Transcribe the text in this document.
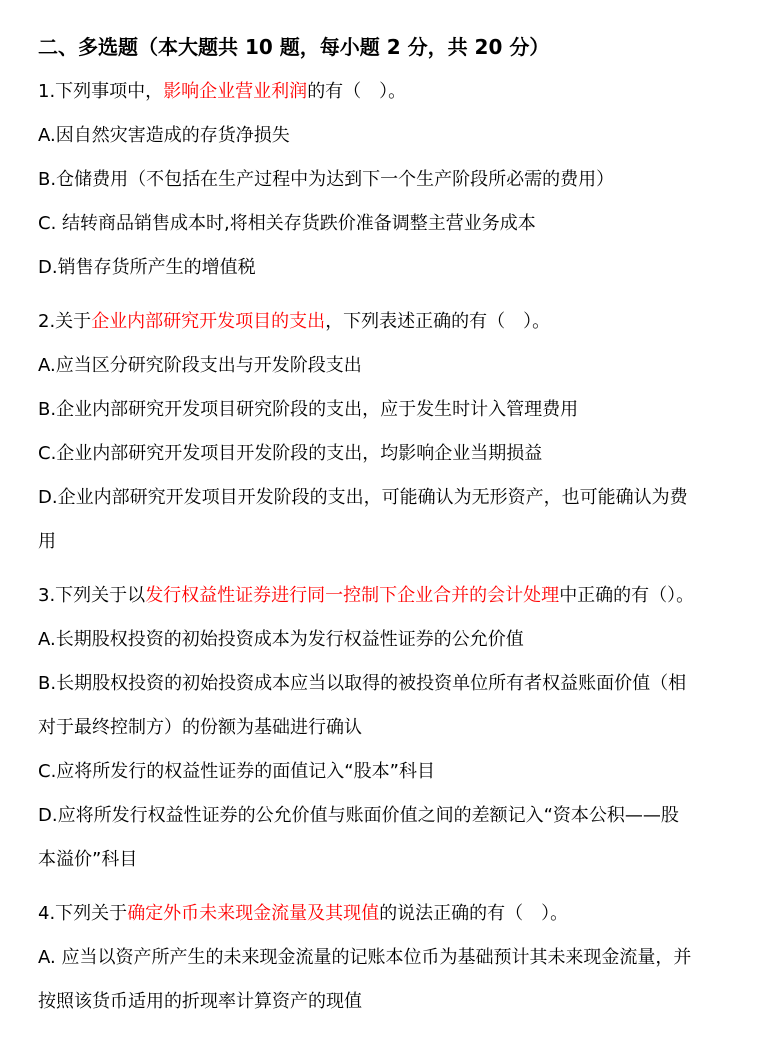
二、多选题（本大题共 10 题，每小题 2 分，共 20 分）
1.下列事项中，影响企业营业利润的有（　）。
A.因自然灾害造成的存货净损失
B.仓储费用（不包括在生产过程中为达到下一个生产阶段所必需的费用）
C. 结转商品销售成本时,将相关存货跌价准备调整主营业务成本
D.销售存货所产生的增值税
2.关于企业内部研究开发项目的支出，下列表述正确的有（　）。
A.应当区分研究阶段支出与开发阶段支出
B.企业内部研究开发项目研究阶段的支出，应于发生时计入管理费用
C.企业内部研究开发项目开发阶段的支出，均影响企业当期损益
D.企业内部研究开发项目开发阶段的支出，可能确认为无形资产，也可能确认为费
用
3.下列关于以发行权益性证券进行同一控制下企业合并的会计处理中正确的有（）。
A.长期股权投资的初始投资成本为发行权益性证券的公允价值
B.长期股权投资的初始投资成本应当以取得的被投资单位所有者权益账面价值（相
对于最终控制方）的份额为基础进行确认
C.应将所发行的权益性证券的面值记入“股本”科目
D.应将所发行权益性证券的公允价值与账面价值之间的差额记入“资本公积——股
本溢价”科目
4.下列关于确定外币未来现金流量及其现值的说法正确的有（　）。
A. 应当以资产所产生的未来现金流量的记账本位币为基础预计其未来现金流量，并
按照该货币适用的折现率计算资产的现值
